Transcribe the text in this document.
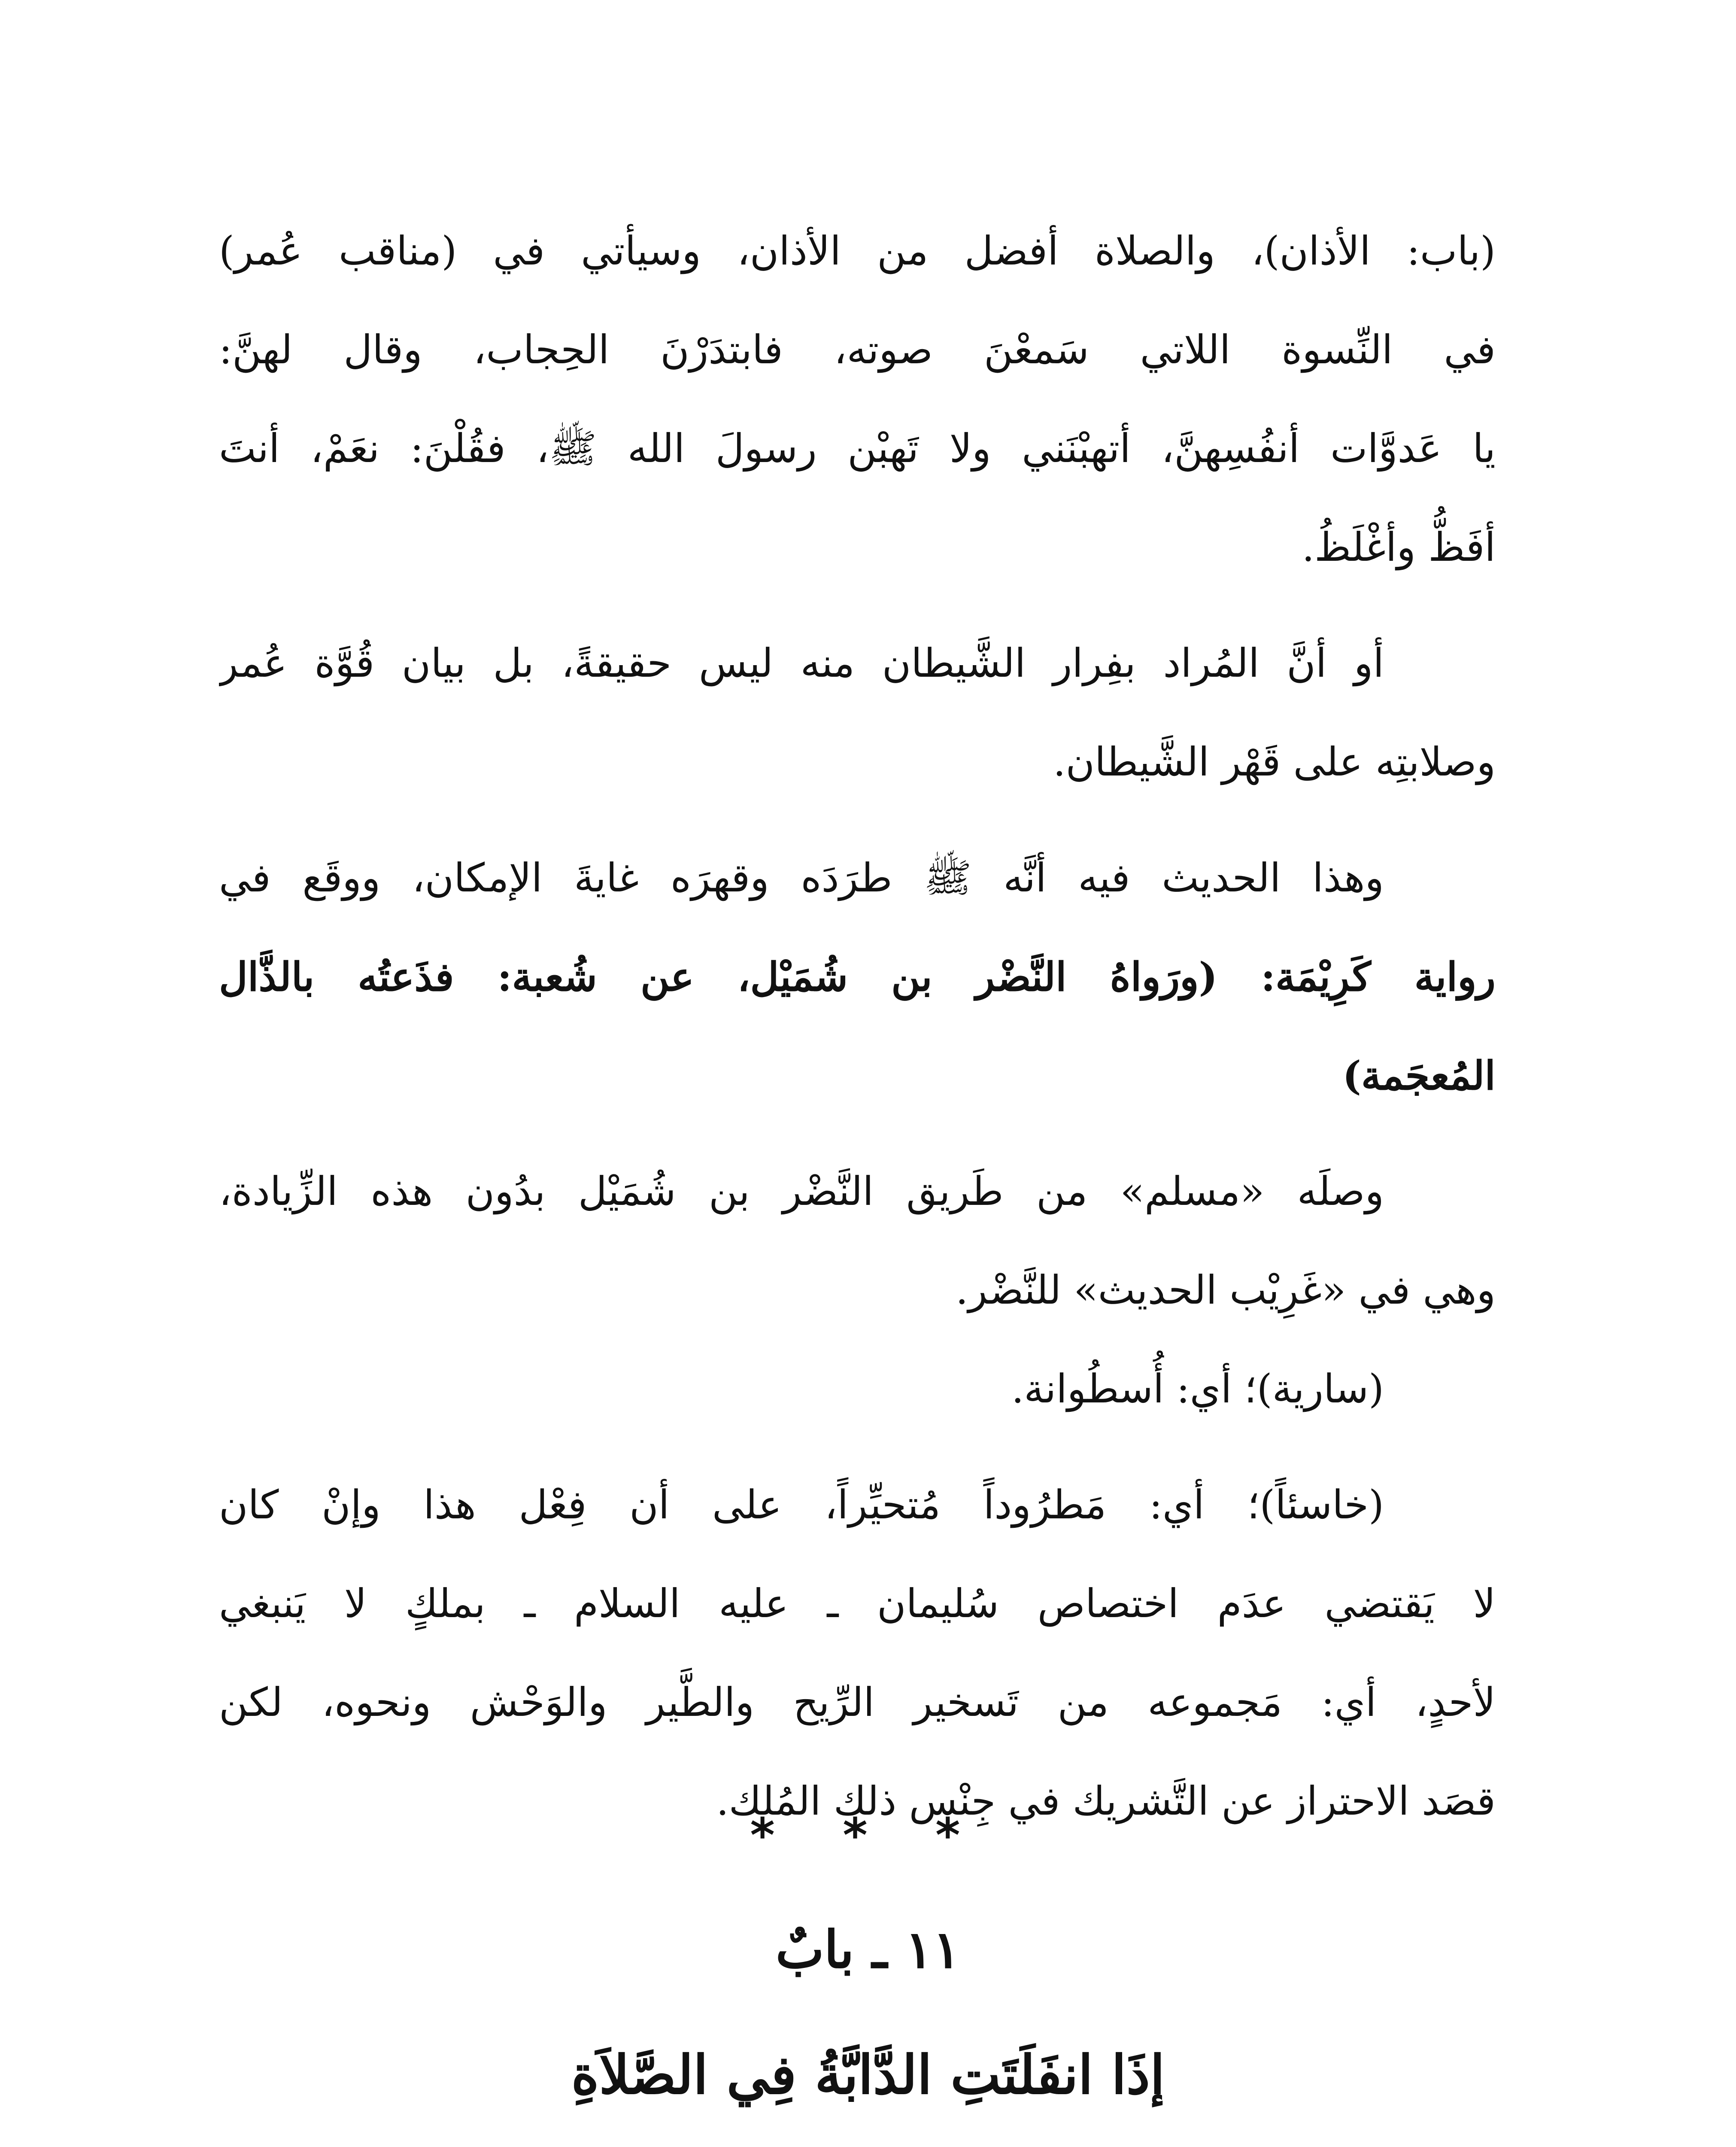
(باب: الأذان)، والصلاة أفضل من الأذان، وسيأتي في (مناقب عُمر)
في النِّسوة اللاتي سَمعْنَ صوته، فابتدَرْنَ الحِجاب، وقال لهنَّ:
يا عَدوَّات أنفُسِهنَّ، أتهبْنَني ولا تَهبْن رسولَ الله ﷺ، فقُلْنَ: نعَمْ، أنتَ
أفَظُّ وأغْلَظُ.
أو أنَّ المُراد بفِرار الشَّيطان منه ليس حقيقةً، بل بيان قُوَّة عُمر
وصلابتِه على قَهْر الشَّيطان.
وهذا الحديث فيه أنَّه ﷺ طرَدَه وقهرَه غايةَ الإمكان، ووقَع في
رواية كَرِيْمَة: (ورَواهُ النَّضْر بن شُمَيْل، عن شُعبة: فذَعتُه بالذَّال
المُعجَمة)
وصلَه «مسلم» من طَريق النَّضْر بن شُمَيْل بدُون هذه الزِّيادة،
وهي في «غَرِيْب الحديث» للنَّضْر.
(سارية)؛ أي: أُسطُوانة.
(خاسئاً)؛ أي: مَطرُوداً مُتحيِّراً، على أن فِعْل هذا وإنْ كان
لا يَقتضي عدَم اختصاص سُليمان ـ عليه السلام ـ بملكٍ لا يَنبغي
لأحدٍ، أي: مَجموعه من تَسخير الرِّيح والطَّير والوَحْش ونحوه، لكن
قصَد الاحتراز عن التَّشريك في جِنْس ذلك المُلك.
* * *
١١ ـ بابٌ
إذَا انفَلَتَتِ الدَّابَّةُ فِي الصَّلاَةِ
